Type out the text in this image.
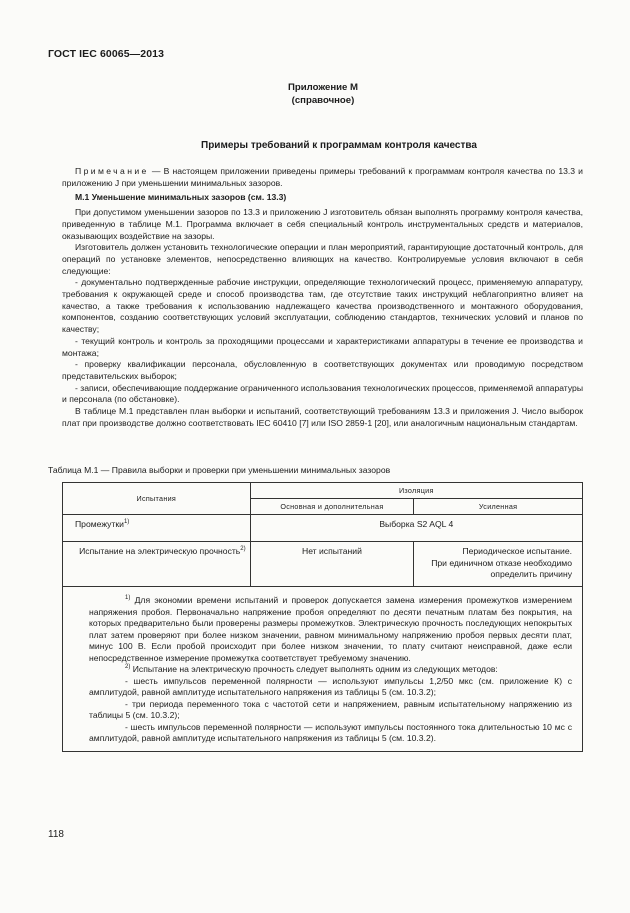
ГОСТ IEC 60065—2013
Приложение М
(справочное)
Примеры требований к программам контроля качества

Примечание — В настоящем приложении приведены примеры требований к программам контроля качества по 13.3 и приложению J при уменьшении минимальных зазоров.

М.1 Уменьшение минимальных зазоров (см. 13.3)

При допустимом уменьшении зазоров по 13.3 и приложению J изготовитель обязан выполнять программу контроля качества, приведенную в таблице М.1. Программа включает в себя специальный контроль инструментальных средств и материалов, оказывающих воздействие на зазоры.

Изготовитель должен установить технологические операции и план мероприятий, гарантирующие достаточный контроль, для операций по установке элементов, непосредственно влияющих на качество. Контролируемые условия включают в себя следующие:

- документально подтвержденные рабочие инструкции, определяющие технологический процесс, применяемую аппаратуру, требования к окружающей среде и способ производства там, где отсутствие таких инструкций неблагоприятно влияет на качество, а также требования к использованию надлежащего качества производственного и монтажного оборудования, компонентов, созданию соответствующих условий эксплуатации, соблюдению стандартов, технических условий и планов по качеству;

- текущий контроль и контроль за проходящими процессами и характеристиками аппаратуры в течение ее производства и монтажа;

- проверку квалификации персонала, обусловленную в соответствующих документах или проводимую посредством представительских выборок;

- записи, обеспечивающие поддержание ограниченного использования технологических процессов, применяемой аппаратуры и персонала (по обстановке).

В таблице М.1 представлен план выборки и испытаний, соответствующий требованиям 13.3 и приложения J. Число выборок плат при производстве должно соответствовать IEC 60410 [7] или ISO 2859-1 [20], или аналогичным национальным стандартам.

Таблица М.1 — Правила выборки и проверки при уменьшении минимальных зазоров
Испытания	Изоляция	
	Основная и дополнительная	Усиленная
Промежутки$^{1)}$	Выборка S2 AQL 4	
Испытание на электрическую прочность$^{2)}$	Нет испытаний	Периодическое испытание.
При единичном отказе необходимо определить причину

$^{1)}$ Для экономии времени испытаний и проверок допускается замена измерения промежутков измерением напряжения пробоя. Первоначально напряжение пробоя определяют по десяти печатным платам без покрытия, на которых предварительно были проверены размеры промежутков. Электрическую прочность последующих непокрытых плат затем проверяют при более низком значении, равном минимальному напряжению пробоя первых десяти плат, минус 100 В. Если пробой происходит при более низком значении, то плату считают неисправной, даже если непосредственное измерение промежутка соответствует требуемому значению.

$^{2)}$ Испытание на электрическую прочность следует выполнять одним из следующих методов:

- шесть импульсов переменной полярности — используют импульсы 1,2/50 мкс (см. приложение К) с амплитудой, равной амплитуде испытательного напряжения из таблицы 5 (см. 10.3.2);

- три периода переменного тока с частотой сети и напряжением, равным испытательному напряжению из таблицы 5 (см. 10.3.2);

- шесть импульсов переменной полярности — используют импульсы постоянного тока длительностью 10 мс с амплитудой, равной амплитуде испытательного напряжения из таблицы 5 (см. 10.3.2).		

118
